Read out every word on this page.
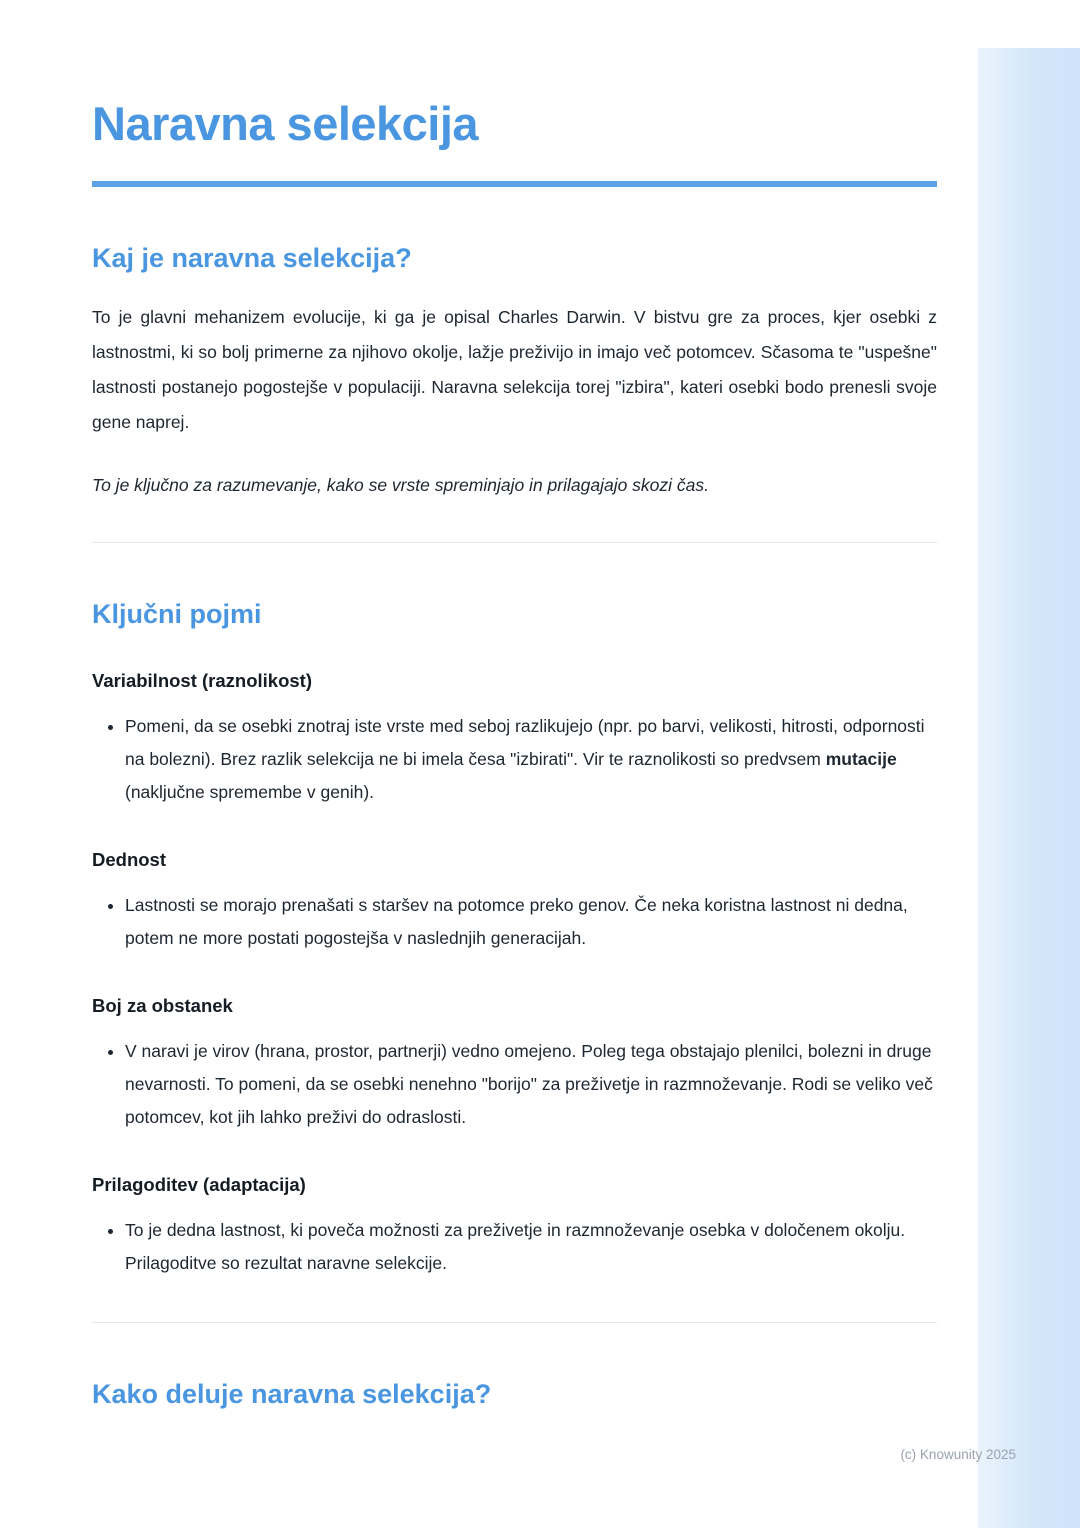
Naravna selekcija
Kaj je naravna selekcija?

To je glavni mehanizem evolucije, ki ga je opisal Charles Darwin. V bistvu gre za proces, kjer osebki z lastnostmi, ki so bolj primerne za njihovo okolje, lažje preživijo in imajo več potomcev. Sčasoma te "uspešne" lastnosti postanejo pogostejše v populaciji. Naravna selekcija torej "izbira", kateri osebki bodo prenesli svoje gene naprej.

To je ključno za razumevanje, kako se vrste spreminjajo in prilagajajo skozi čas.

Ključni pojmi
Variabilnost (raznolikost)
• Pomeni, da se osebki znotraj iste vrste med seboj razlikujejo (npr. po barvi, velikosti, hitrosti, odpornosti na bolezni). Brez razlik selekcija ne bi imela česa "izbirati". Vir te raznolikosti so predvsem mutacije (naključne spremembe v genih).
Dednost
• Lastnosti se morajo prenašati s staršev na potomce preko genov. Če neka koristna lastnost ni dedna, potem ne more postati pogostejša v naslednjih generacijah.
Boj za obstanek
• V naravi je virov (hrana, prostor, partnerji) vedno omejeno. Poleg tega obstajajo plenilci, bolezni in druge nevarnosti. To pomeni, da se osebki nenehno "borijo" za preživetje in razmnoževanje. Rodi se veliko več potomcev, kot jih lahko preživi do odraslosti.
Prilagoditev (adaptacija)
• To je dedna lastnost, ki poveča možnosti za preživetje in razmnoževanje osebka v določenem okolju. Prilagoditve so rezultat naravne selekcije.
Kako deluje naravna selekcija?
(c) Knowunity 2025
